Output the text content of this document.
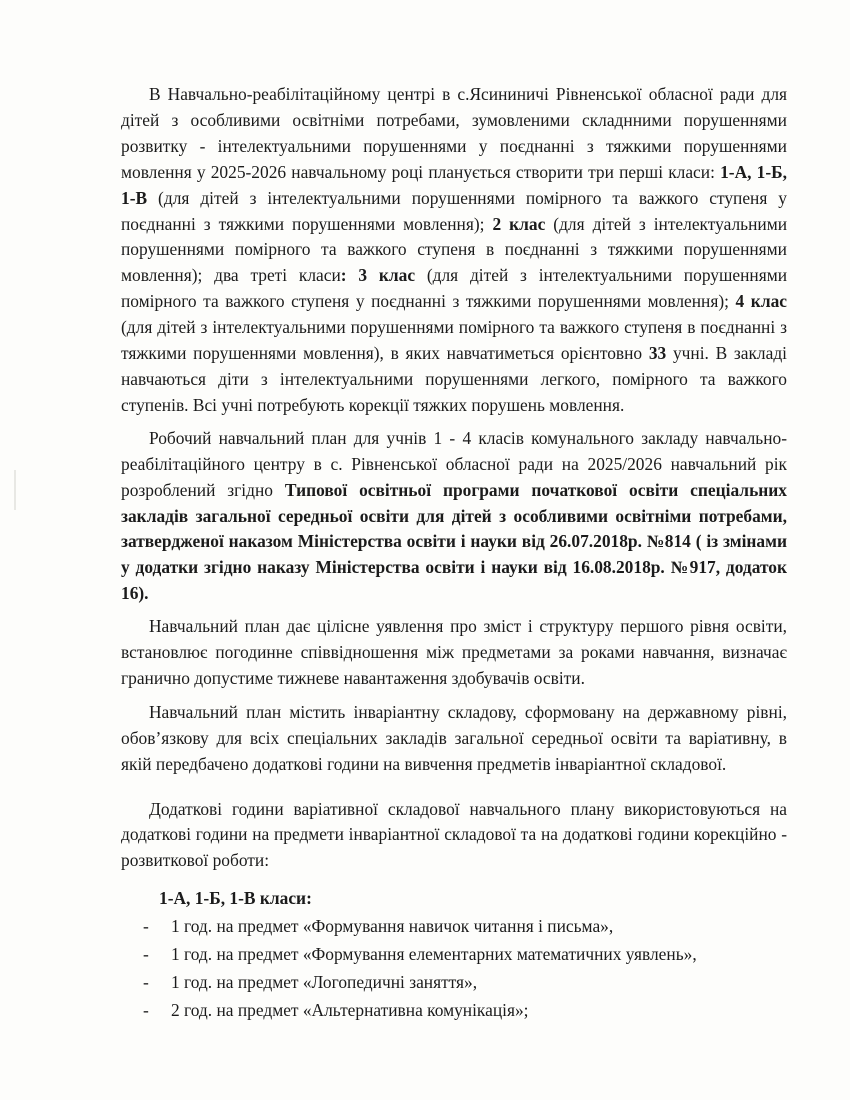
В Навчально-реабілітаційному центрі в с.Ясининичі Рівненської обласної ради для дітей з особливими освітніми потребами, зумовленими складнними порушеннями розвитку - інтелектуальними порушеннями у поєднанні з тяжкими порушеннями мовлення у 2025-2026 навчальному році планується створити три перші класи: 1-А, 1-Б, 1-В (для дітей з інтелектуальними порушеннями помірного та важкого ступеня у поєднанні з тяжкими порушеннями мовлення); 2 клас (для дітей з інтелектуальними порушеннями помірного та важкого ступеня в поєднанні з тяжкими порушеннями мовлення); два треті класи: 3 клас (для дітей з інтелектуальними порушеннями помірного та важкого ступеня у поєднанні з тяжкими порушеннями мовлення); 4 клас (для дітей з інтелектуальними порушеннями помірного та важкого ступеня в поєднанні з тяжкими порушеннями мовлення), в яких навчатиметься орієнтовно 33 учні. В закладі навчаються діти з інтелектуальними порушеннями легкого, помірного та важкого ступенів. Всі учні потребують корекції тяжких порушень мовлення.

Робочий навчальний план для учнів 1 - 4 класів комунального закладу навчально-реабілітаційного центру в с. Рівненської обласної ради на 2025/2026 навчальний рік розроблений згідно Типової освітньої програми початкової освіти спеціальних закладів загальної середньої освіти для дітей з особливими освітніми потребами, затвердженої наказом Міністерства освіти і науки від 26.07.2018р. №814 ( із змінами у додатки згідно наказу Міністерства освіти і науки від 16.08.2018р. №917, додаток 16).

Навчальний план дає цілісне уявлення про зміст і структуру першого рівня освіти, встановлює погодинне співвідношення між предметами за роками навчання, визначає гранично допустиме тижневе навантаження здобувачів освіти.

Навчальний план містить інваріантну складову, сформовану на державному рівні, обов’язкову для всіх спеціальних закладів загальної середньої освіти та варіативну, в якій передбачено додаткові години на вивчення предметів інваріантної складової.

Додаткові години варіативної складової навчального плану використовуються на додаткові години на предмети інваріантної складової та на додаткові години корекційно - розвиткової роботи:

1-А, 1-Б, 1-В класи:
- 1 год. на предмет «Формування навичок читання і письма»,
- 1 год. на предмет «Формування елементарних математичних уявлень»,
- 1 год. на предмет «Логопедичні заняття»,
- 2 год. на предмет «Альтернативна комунікація»;
